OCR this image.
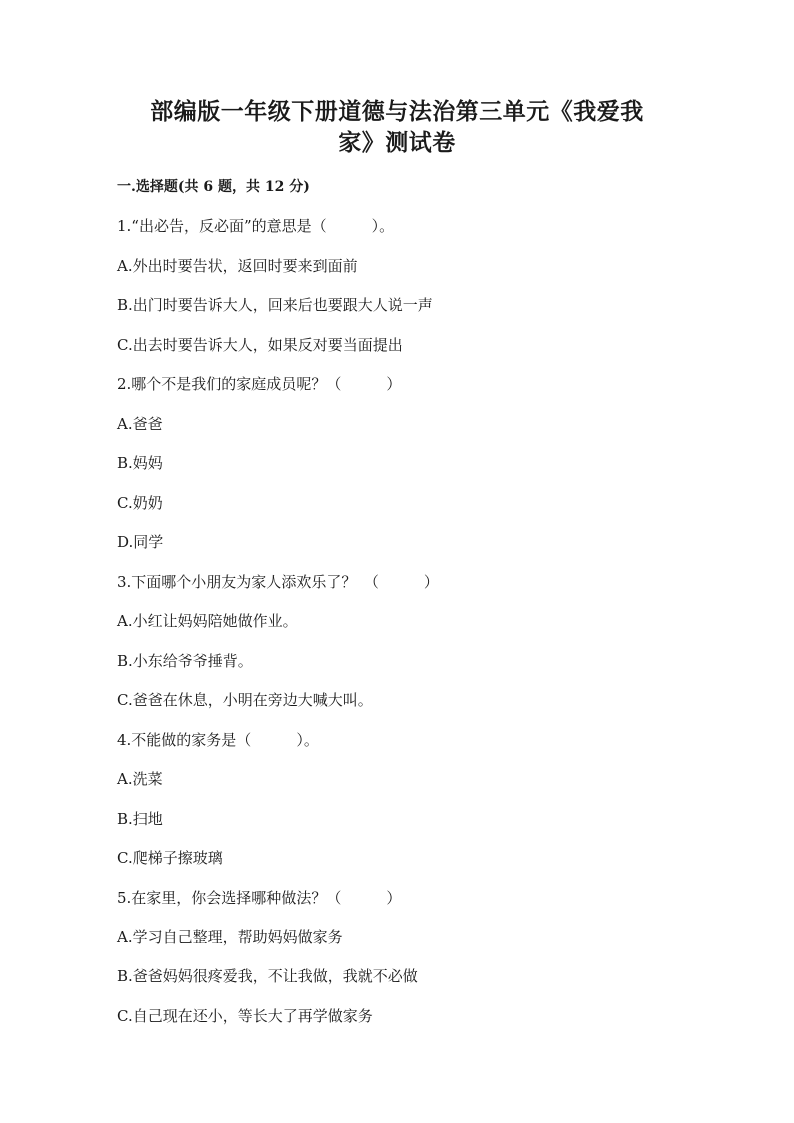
部编版一年级下册道德与法治第三单元《我爱我
家》测试卷
一.选择题(共 6 题，共 12 分)
1.“出必告，反必面”的意思是（　　　）。
A.外出时要告状，返回时要来到面前
B.出门时要告诉大人，回来后也要跟大人说一声
C.出去时要告诉大人，如果反对要当面提出
2.哪个不是我们的家庭成员呢？（　　　）
A.爸爸
B.妈妈
C.奶奶
D.同学
3.下面哪个小朋友为家人添欢乐了？　（　　　）
A.小红让妈妈陪她做作业。
B.小东给爷爷捶背。
C.爸爸在休息，小明在旁边大喊大叫。
4.不能做的家务是（　　　）。
A.洗菜
B.扫地
C.爬梯子擦玻璃
5.在家里，你会选择哪种做法？（　　　）
A.学习自己整理，帮助妈妈做家务
B.爸爸妈妈很疼爱我，不让我做，我就不必做
C.自己现在还小，等长大了再学做家务
